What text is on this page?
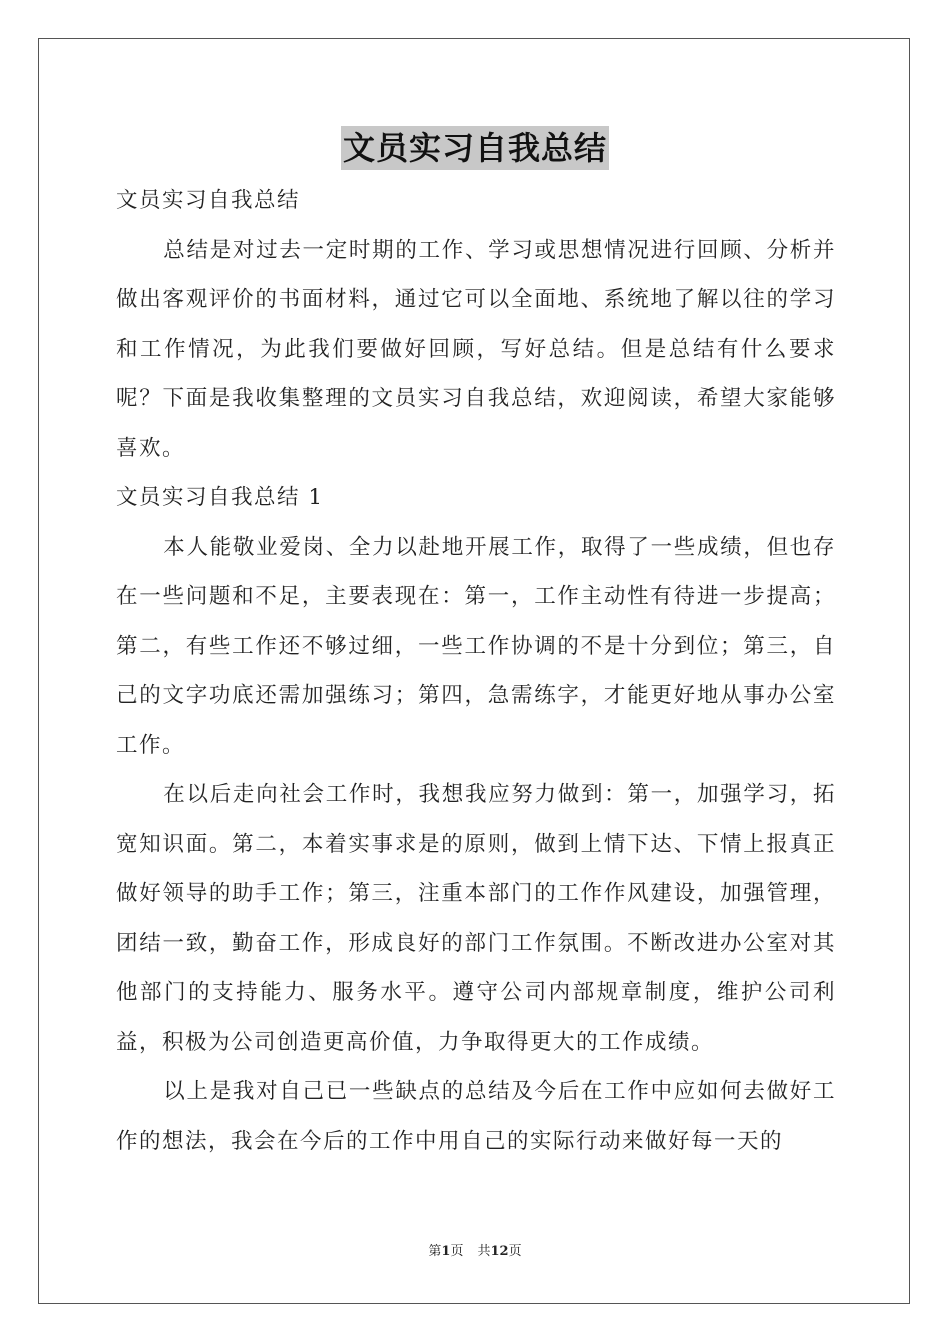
文员实习自我总结

文员实习自我总结

总结是对过去一定时期的工作、学习或思想情况进行回顾、分析并做出客观评价的书面材料，通过它可以全面地、系统地了解以往的学习和工作情况，为此我们要做好回顾，写好总结。但是总结有什么要求呢？下面是我收集整理的文员实习自我总结，欢迎阅读，希望大家能够喜欢。

文员实习自我总结 1

本人能敬业爱岗、全力以赴地开展工作，取得了一些成绩，但也存在一些问题和不足，主要表现在：第一，工作主动性有待进一步提高；第二，有些工作还不够过细，一些工作协调的不是十分到位；第三，自己的文字功底还需加强练习；第四，急需练字，才能更好地从事办公室工作。

在以后走向社会工作时，我想我应努力做到：第一，加强学习，拓宽知识面。第二，本着实事求是的原则，做到上情下达、下情上报真正做好领导的助手工作；第三，注重本部门的工作作风建设，加强管理，团结一致，勤奋工作，形成良好的部门工作氛围。不断改进办公室对其他部门的支持能力、服务水平。遵守公司内部规章制度，维护公司利益，积极为公司创造更高价值，力争取得更大的工作成绩。

以上是我对自己已一些缺点的总结及今后在工作中应如何去做好工作的想法，我会在今后的工作中用自己的实际行动来做好每一天的

第1页 共12页
